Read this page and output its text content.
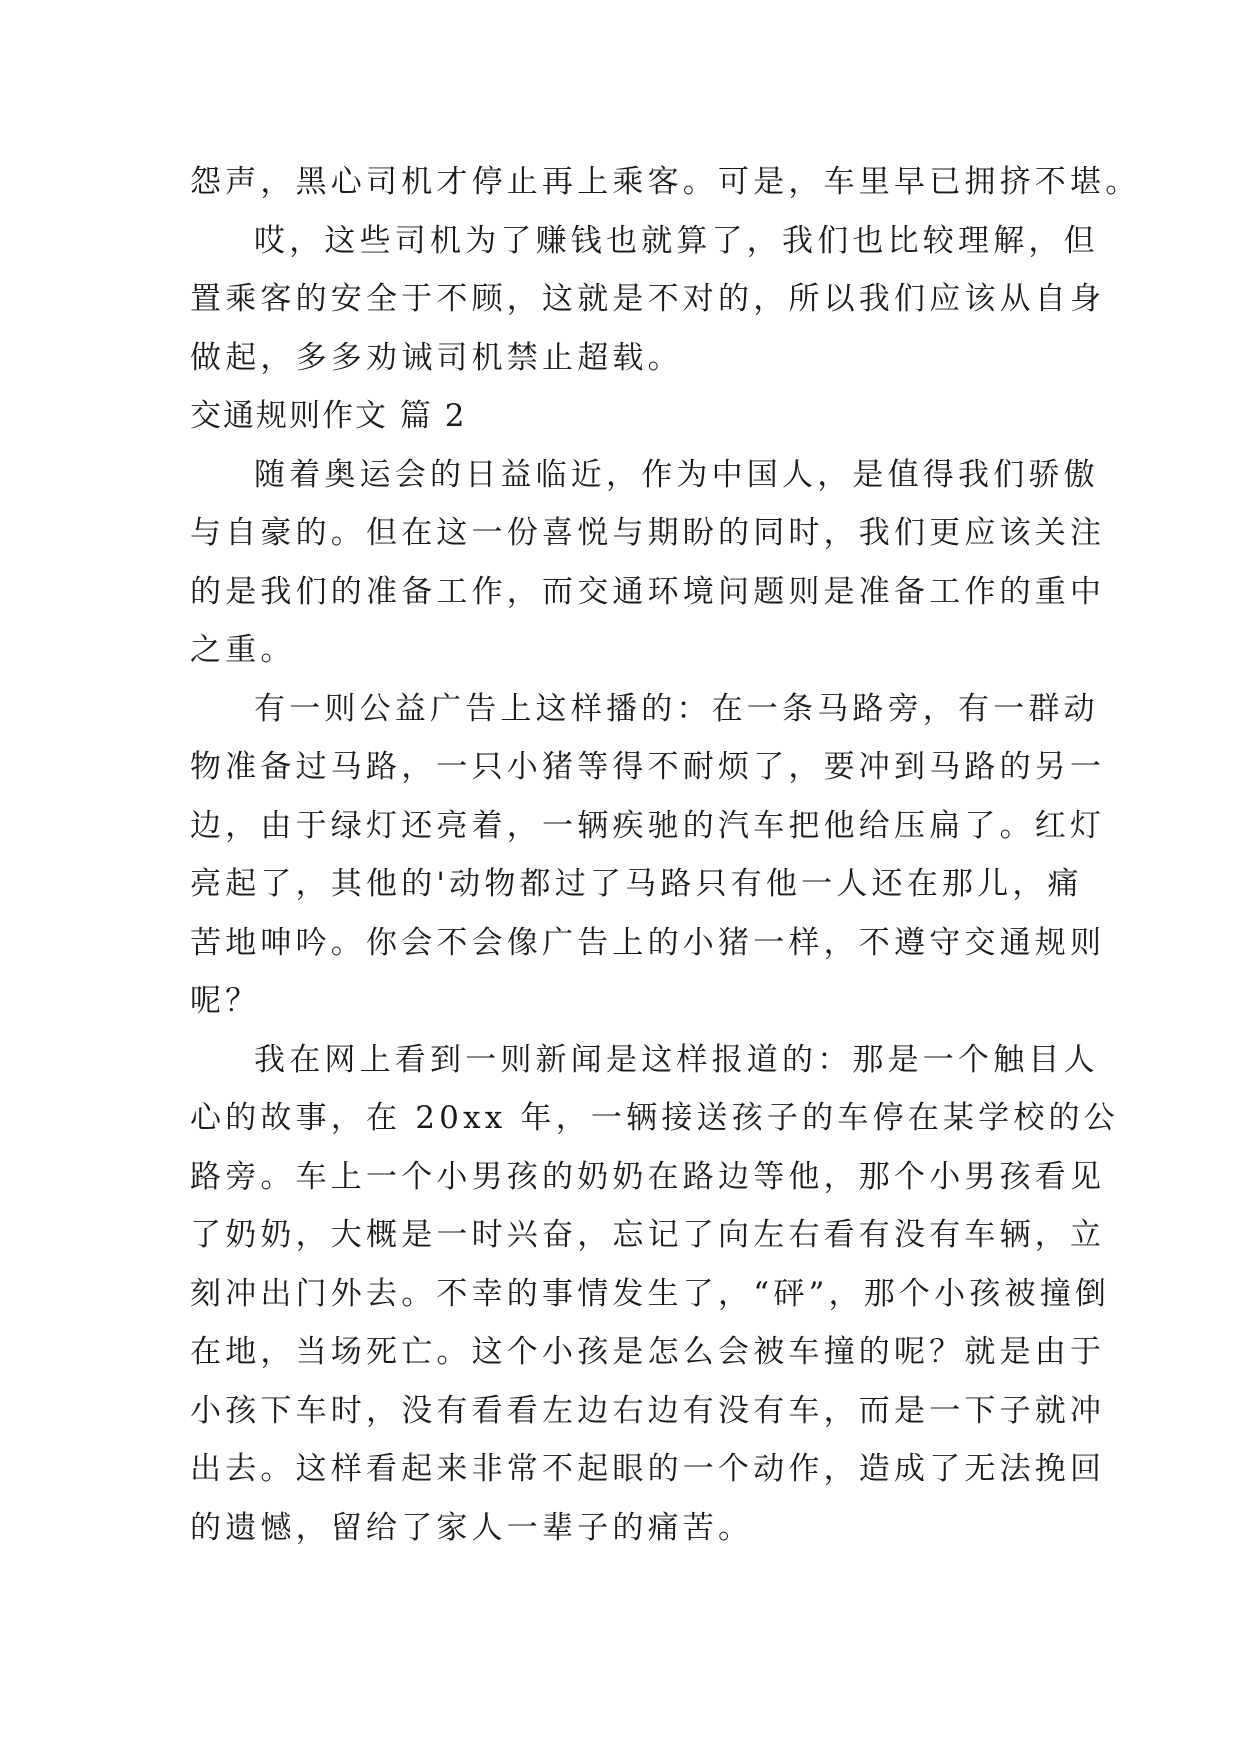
怨声，黑心司机才停止再上乘客。可是，车里早已拥挤不堪。
哎，这些司机为了赚钱也就算了，我们也比较理解，但
置乘客的安全于不顾，这就是不对的，所以我们应该从自身
做起，多多劝诫司机禁止超载。
交通规则作文 篇 2
随着奥运会的日益临近，作为中国人，是值得我们骄傲
与自豪的。但在这一份喜悦与期盼的同时，我们更应该关注
的是我们的准备工作，而交通环境问题则是准备工作的重中
之重。
有一则公益广告上这样播的：在一条马路旁，有一群动
物准备过马路，一只小猪等得不耐烦了，要冲到马路的另一
边，由于绿灯还亮着，一辆疾驰的汽车把他给压扁了。红灯
亮起了，其他的'动物都过了马路只有他一人还在那儿，痛
苦地呻吟。你会不会像广告上的小猪一样，不遵守交通规则
呢？
我在网上看到一则新闻是这样报道的：那是一个触目人
心的故事，在 20xx 年，一辆接送孩子的车停在某学校的公
路旁。车上一个小男孩的奶奶在路边等他，那个小男孩看见
了奶奶，大概是一时兴奋，忘记了向左右看有没有车辆，立
刻冲出门外去。不幸的事情发生了，“砰”，那个小孩被撞倒
在地，当场死亡。这个小孩是怎么会被车撞的呢？就是由于
小孩下车时，没有看看左边右边有没有车，而是一下子就冲
出去。这样看起来非常不起眼的一个动作，造成了无法挽回
的遗憾，留给了家人一辈子的痛苦。
